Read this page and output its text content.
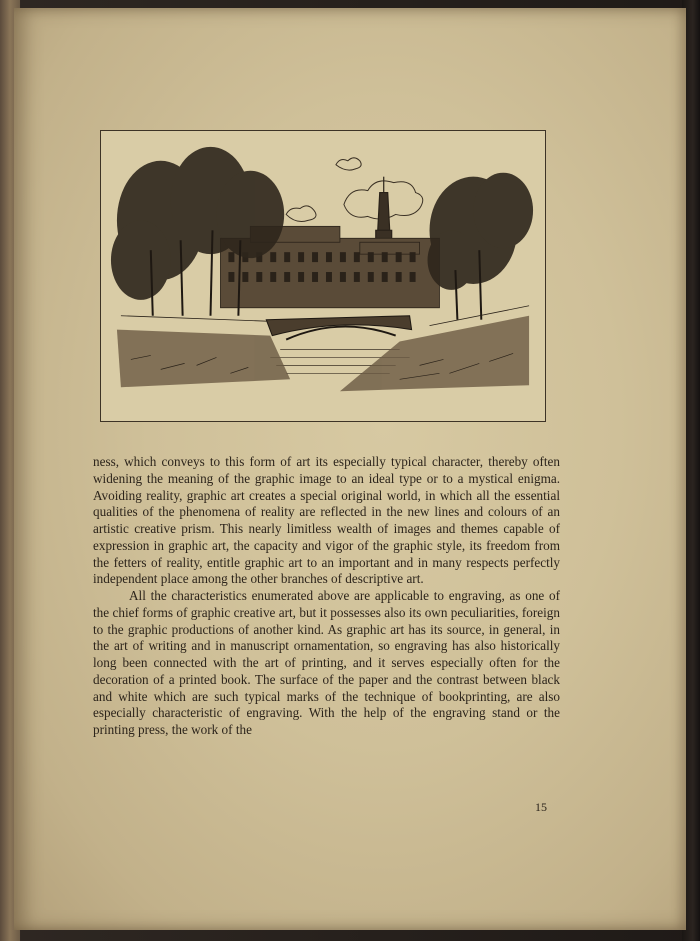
ness, which conveys to this form of art its especially typical character, thereby often widening the meaning of the graphic image to an ideal type or to a mystical enigma. Avoiding reality, graphic art creates a special original world, in which all the essential qualities of the phenomena of reality are reflected in the new lines and colours of an artistic creative prism. This nearly limitless wealth of images and themes capable of expression in graphic art, the capacity and vigor of the graphic style, its freedom from the fetters of reality, entitle graphic art to an important and in many respects perfectly independent place among the other branches of descriptive art.

All the characteristics enumerated above are applicable to engraving, as one of the chief forms of graphic creative art, but it possesses also its own peculiarities, foreign to the graphic productions of another kind. As graphic art has its source, in general, in the art of writing and in manuscript ornamentation, so engraving has also historically long been connected with the art of printing, and it serves especially often for the decoration of a printed book. The surface of the paper and the contrast between black and white which are such typical marks of the technique of bookprinting, are also especially characteristic of engraving. With the help of the engraving stand or the printing press, the work of the

15
